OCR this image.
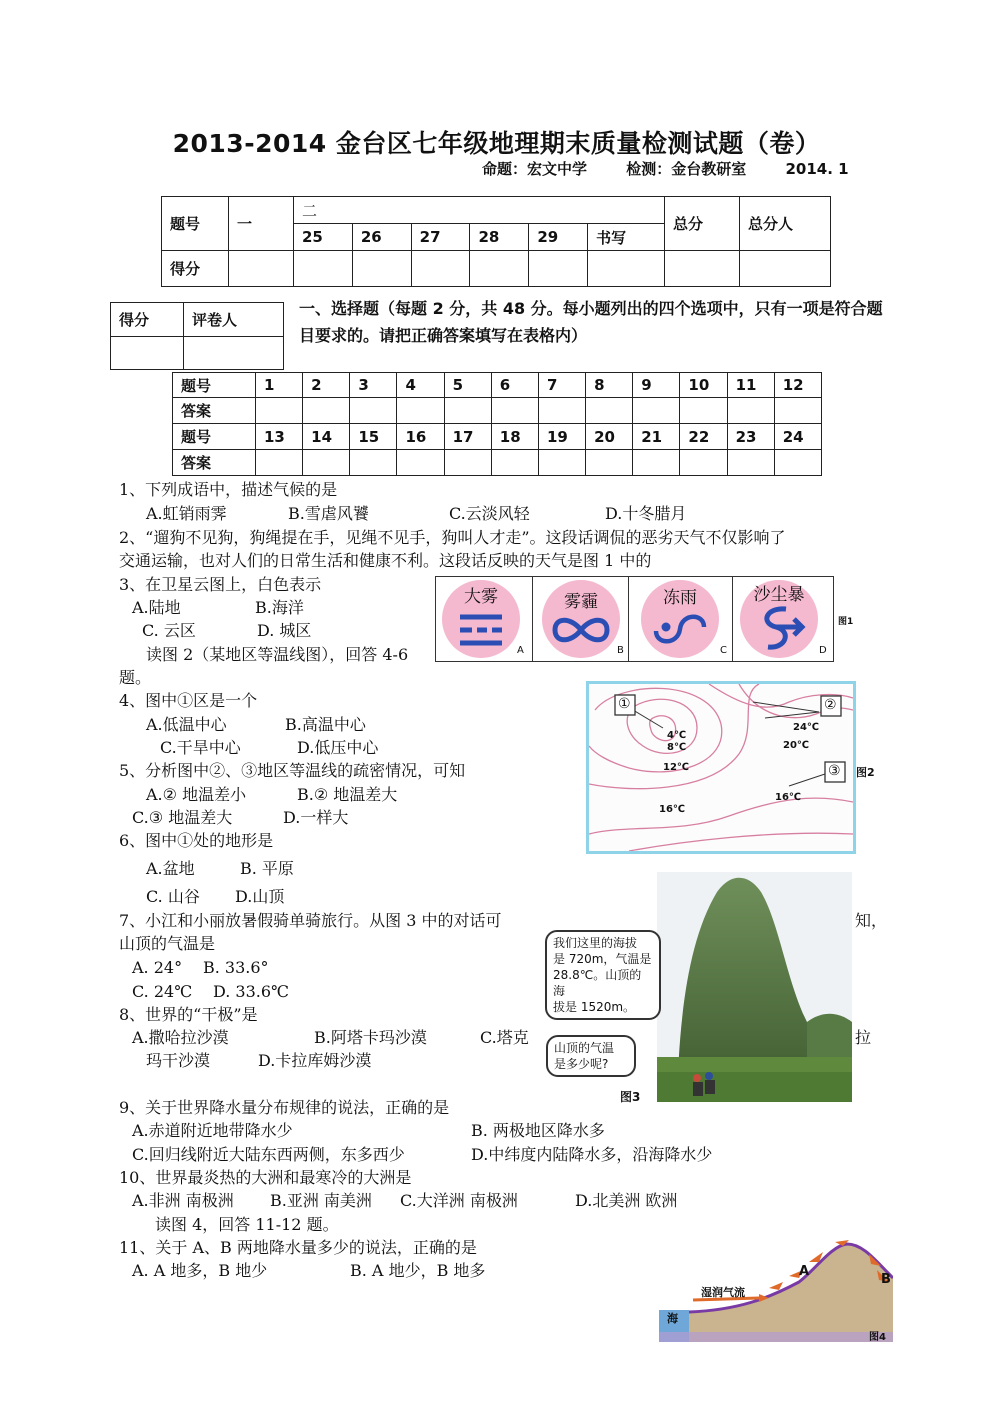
2013-2014 金台区七年级地理期末质量检测试题（卷）
命题：宏文中学	检测：金台教研室	2014. 1
题号	一	二						总分	总分人
		25	26	27	28	29	书写		
得分									
得分	评卷人

一、选择题（每题 2 分，共 48 分。每小题列出的四个选项中，只有一项是符合题目要求的。请把正确答案填写在表格内）
题号	1	2	3	4	5	6	7	8	9	10	11	12
答案												
题号	13	14	15	16	17	18	19	20	21	22	23	24
答案												
1、下列成语中，描述气候的是
A.虹销雨霁	B.雪虐风饕	C.云淡风轻	D.十冬腊月
2、“遛狗不见狗，狗绳提在手，见绳不见手，狗叫人才走”。这段话调侃的恶劣天气不仅影响了
交通运输，也对人们的日常生活和健康不利。这段话反映的天气是图 1 中的
3、在卫星云图上，白色表示
A.陆地	B.海洋
C. 云区	D. 城区
读图 2（某地区等温线图），回答 4-6
题。
4、图中①区是一个
A.低温中心	B.高温中心
C.干旱中心	D.低压中心
5、分析图中②、③地区等温线的疏密情况，可知
A.② 地温差小	B.② 地温差大
C.③ 地温差大	D.一样大
6、图中①处的地形是
A.盆地	B. 平原
C. 山谷 D.山顶
7、小江和小丽放暑假骑单骑旅行。从图 3 中的对话可	知，
山顶的气温是
A. 24° B. 33.6°
C. 24℃ D. 33.6℃
8、世界的“干极”是
A.撒哈拉沙漠	B.阿塔卡玛沙漠	C.塔克	拉
玛干沙漠	D.卡拉库姆沙漠
9、关于世界降水量分布规律的说法，正确的是
A.赤道附近地带降水少	B. 两极地区降水多
C.回归线附近大陆东西两侧，东多西少	D.中纬度内陆降水多，沿海降水少
10、世界最炎热的大洲和最寒冷的大洲是
A.非洲 南极洲 B.亚洲 南美洲 C.大洋洲 南极洲	D.北美洲 欧洲
读图 4，回答 11-12 题。
11、关于 A、B 两地降水量多少的说法，正确的是
A. A 地多，B 地少	B. A 地少，B 地多
大雾
A
雾霾
B
冻雨
C
沙尘暴
D
图1
①	②
③
4℃
8℃
12℃
16℃
24℃
20℃
16℃
图2
我们这里的海拔
是 720m，气温是
28.8℃。山顶的海
拔是 1520m。
山顶的气温
是多少呢?
图3
湿润气流
海
A
B
图4
